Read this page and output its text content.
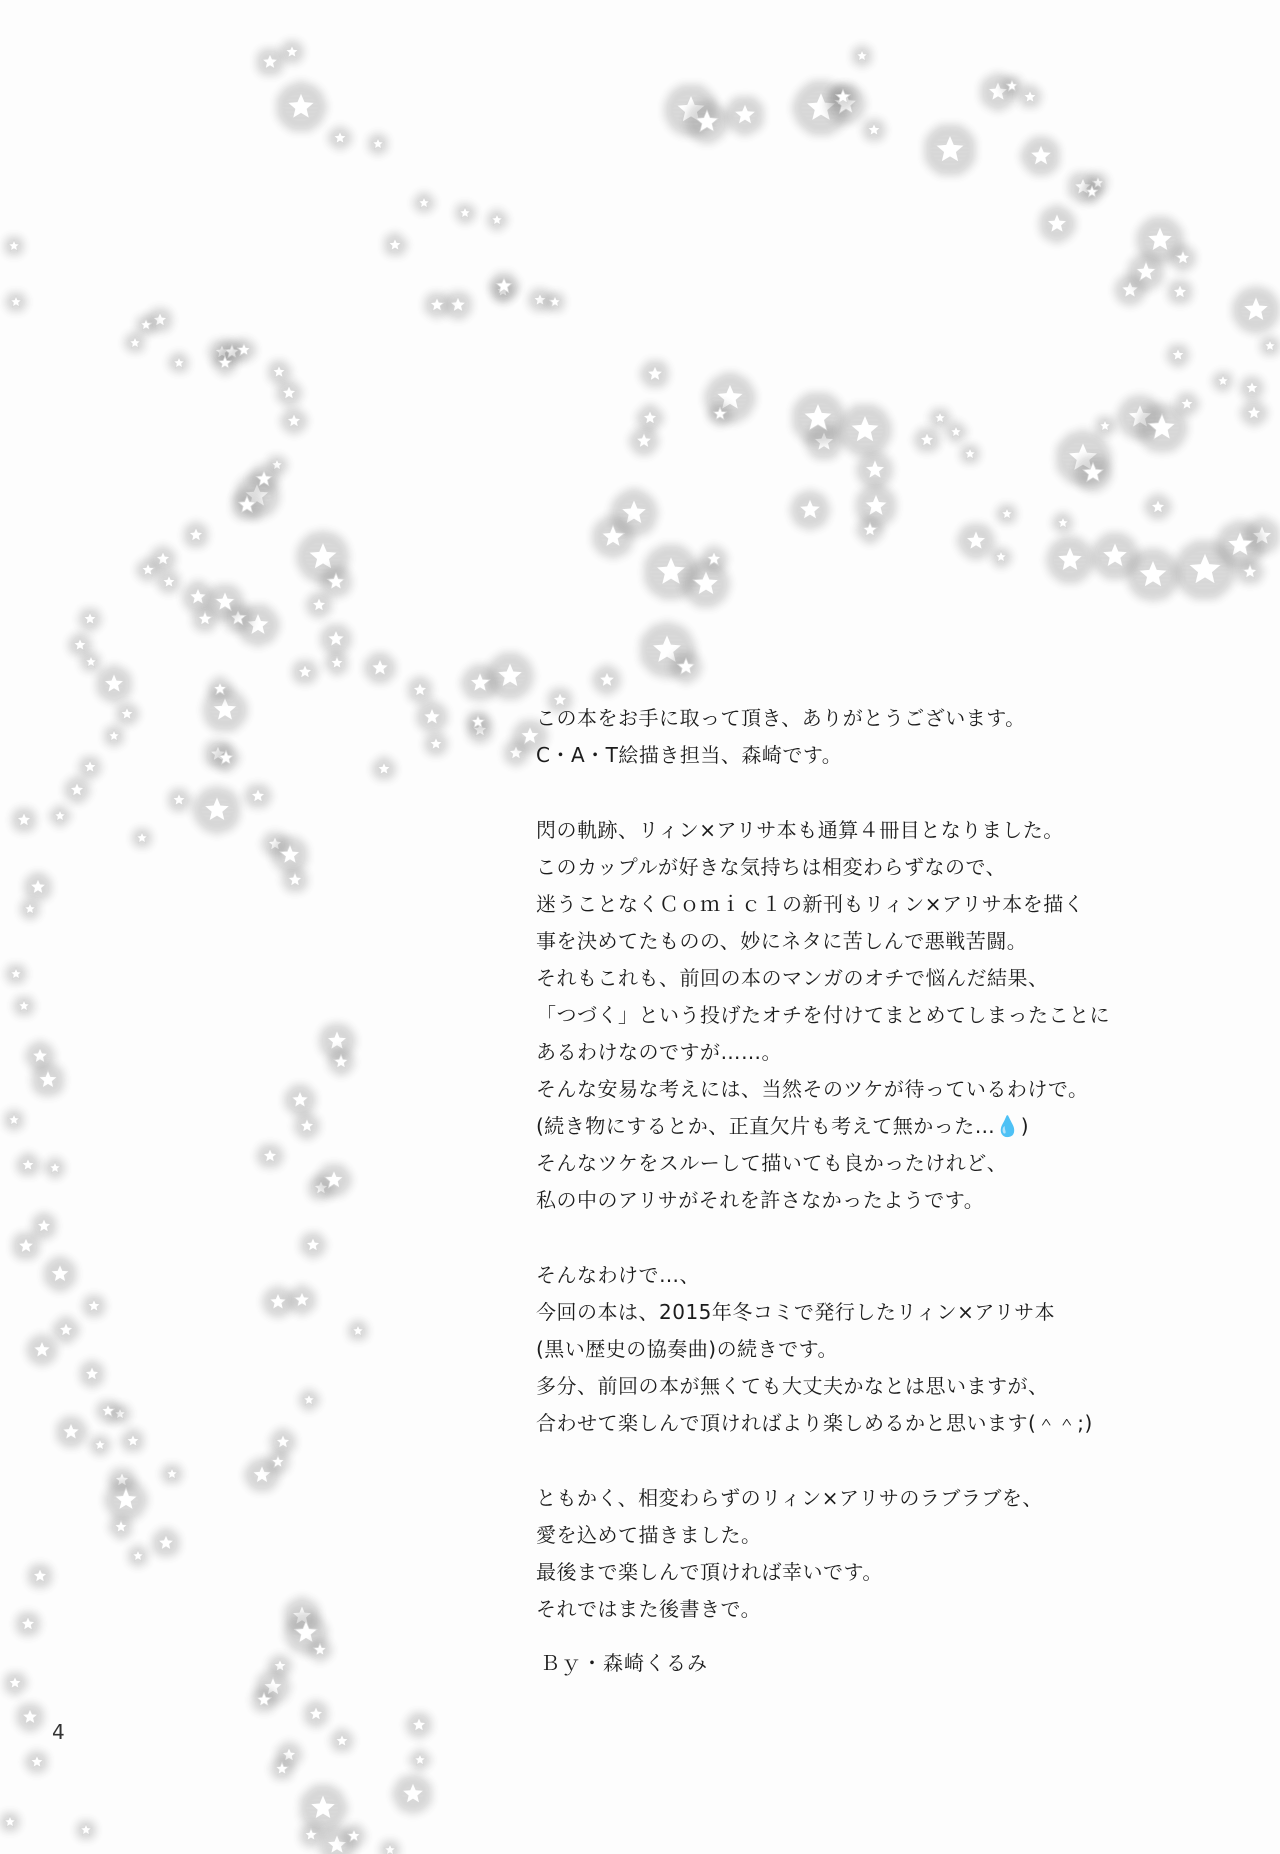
この本をお手に取って頂き、ありがとうございます。
C・A・T絵描き担当、森崎です。
閃の軌跡、リィン×アリサ本も通算４冊目となりました。
このカップルが好きな気持ちは相変わらずなので、
迷うことなくＣｏｍｉｃ１の新刊もリィン×アリサ本を描く
事を決めてたものの、妙にネタに苦しんで悪戦苦闘。
それもこれも、前回の本のマンガのオチで悩んだ結果、
「つづく」という投げたオチを付けてまとめてしまったことに
あるわけなのですが……。
そんな安易な考えには、当然そのツケが待っているわけで。
(続き物にするとか、正直欠片も考えて無かった…💧)
そんなツケをスルーして描いても良かったけれど、
私の中のアリサがそれを許さなかったようです。
そんなわけで…、
今回の本は、2015年冬コミで発行したリィン×アリサ本
(黒い歴史の協奏曲)の続きです。
多分、前回の本が無くても大丈夫かなとは思いますが、
合わせて楽しんで頂ければより楽しめるかと思います(＾＾;)
ともかく、相変わらずのリィン×アリサのラブラブを、
愛を込めて描きました。
最後まで楽しんで頂ければ幸いです。
それではまた後書きで。
Ｂｙ・森崎くるみ
4
